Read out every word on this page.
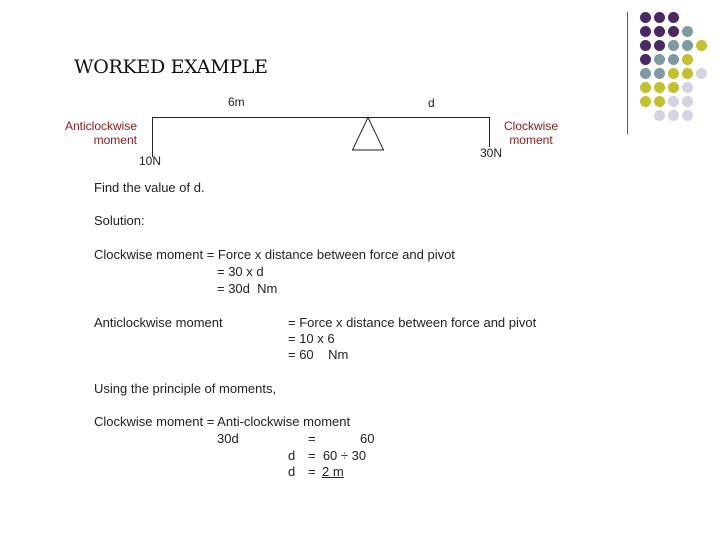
WORKED EXAMPLE
6m	d
10N
30N
Anticlockwise
moment
Clockwise
moment
Find the value of d.
Solution:
Clockwise moment = Force x distance between force and pivot
= 30 x d
= 30d  Nm
Anticlockwise moment	= Force x distance between force and pivot
= 10 x 6
= 60    Nm
Using the principle of moments,
Clockwise moment = Anti-clockwise moment
30d	=	60
d =  60 ÷ 30
d = 2 m
